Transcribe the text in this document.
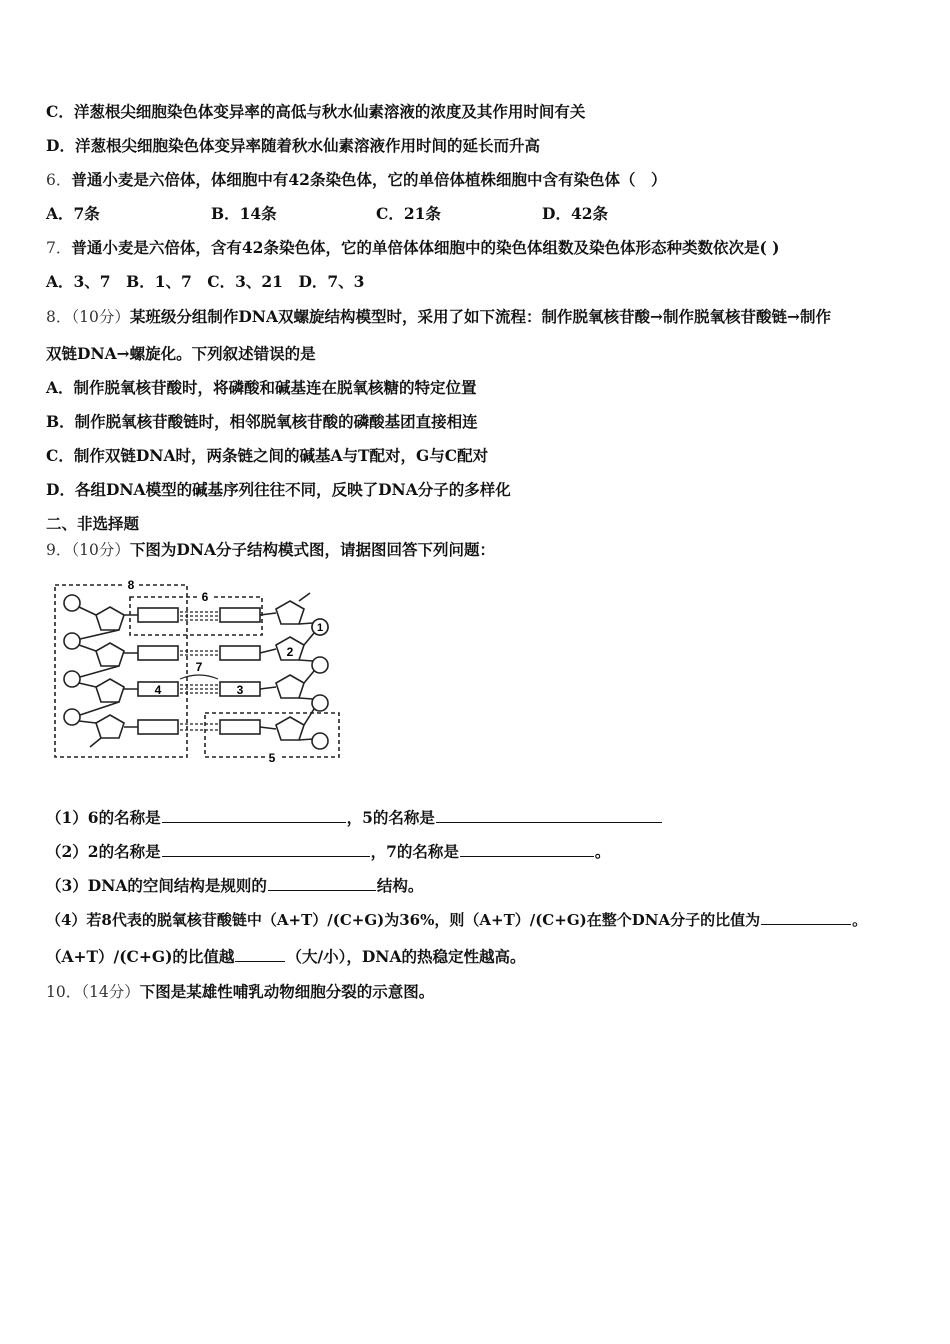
C．洋葱根尖细胞染色体变异率的高低与秋水仙素溶液的浓度及其作用时间有关
D．洋葱根尖细胞染色体变异率随着秋水仙素溶液作用时间的延长而升高
6．普通小麦是六倍体，体细胞中有42条染色体，它的单倍体植株细胞中含有染色体（　）
A．7条	B．14条	C．21条	D．42条
7．普通小麦是六倍体，含有42条染色体，它的单倍体体细胞中的染色体组数及染色体形态种类数依次是( )
A．3、7　B．1、7　C．3、21　D．7、3
8．（10分）某班级分组制作DNA双螺旋结构模型时，采用了如下流程：制作脱氧核苷酸→制作脱氧核苷酸链→制作
双链DNA→螺旋化。下列叙述错误的是
A．制作脱氧核苷酸时，将磷酸和碱基连在脱氧核糖的特定位置
B．制作脱氧核苷酸链时，相邻脱氧核苷酸的磷酸基团直接相连
C．制作双链DNA时，两条链之间的碱基A与T配对，G与C配对
D．各组DNA模型的碱基序列往往不同，反映了DNA分子的多样化
二、非选择题
9．（10分）下图为DNA分子结构模式图，请据图回答下列问题：
8
6
7
5
4	3
2
1
（1）6的名称是	，5的名称是
（2）2的名称是	，7的名称是	。
（3）DNA的空间结构是规则的	结构。
（4）若8代表的脱氧核苷酸链中（A+T）/(C+G)为36%，则（A+T）/(C+G)在整个DNA分子的比值为	。
（A+T）/(C+G)的比值越	（大/小），DNA的热稳定性越高。
10．（14分）下图是某雄性哺乳动物细胞分裂的示意图。
